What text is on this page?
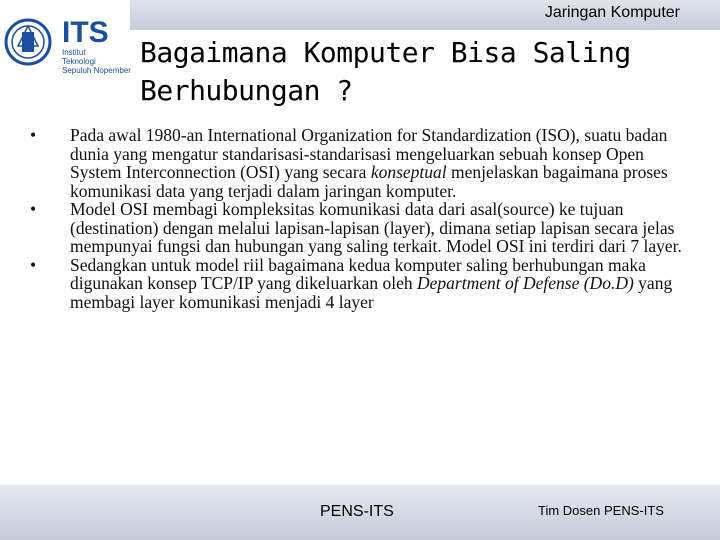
Jaringan Komputer
ITS
Institut
Teknologi
Sepuluh Nopember
Bagaimana Komputer Bisa Saling Berhubungan ?
• Pada awal 1980-an International Organization for Standardization (ISO), suatu badan dunia yang mengatur standarisasi-standarisasi mengeluarkan sebuah konsep Open System Interconnection (OSI) yang secara konseptual menjelaskan bagaimana proses komunikasi data yang terjadi dalam jaringan komputer.
• Model OSI membagi kompleksitas komunikasi data dari asal(source) ke tujuan (destination) dengan melalui lapisan-lapisan (layer), dimana setiap lapisan secara jelas mempunyai fungsi dan hubungan yang saling terkait. Model OSI ini terdiri dari 7 layer.
• Sedangkan untuk model riil bagaimana kedua komputer saling berhubungan maka digunakan konsep TCP/IP yang dikeluarkan oleh Department of Defense (Do.D) yang membagi layer komunikasi menjadi 4 layer
PENS-ITS	Tim Dosen PENS-ITS
